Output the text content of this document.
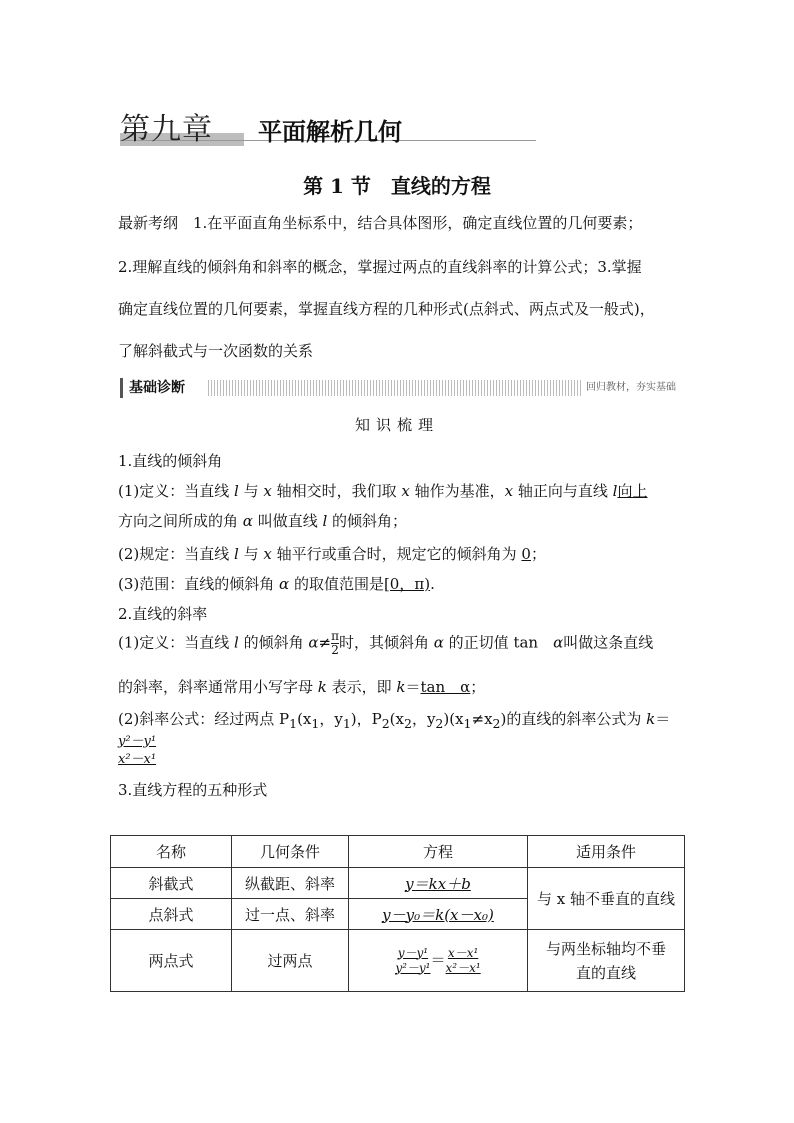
第九章 平面解析几何
第 1 节　直线的方程
最新考纲　1.在平面直角坐标系中，结合具体图形，确定直线位置的几何要素；
2.理解直线的倾斜角和斜率的概念，掌握过两点的直线斜率的计算公式；3.掌握
确定直线位置的几何要素，掌握直线方程的几种形式(点斜式、两点式及一般式)，
了解斜截式与一次函数的关系
基础诊断	回归教材，夯实基础
知识梳理
1.直线的倾斜角
(1)定义：当直线 l 与 x 轴相交时，我们取 x 轴作为基准，x 轴正向与直线 l向上
方向之间所成的角 α 叫做直线 l 的倾斜角；
(2)规定：当直线 l 与 x 轴平行或重合时，规定它的倾斜角为 0；
(3)范围：直线的倾斜角 α 的取值范围是[0，π).
2.直线的斜率
(1)定义：当直线 l 的倾斜角 $\alpha\ne \frac{\pi}{2}$ 时，其倾斜角 α 的正切值 tan　α叫做这条直线
的斜率，斜率通常用小写字母 k 表示，即 k＝tan　α；
(2)斜率公式：经过两点 $P_1(x_1$，$y_1$)，$P_2(x_2$，$y_2)(x_1\ne x_2)$的直线的斜率公式为 k＝
$\frac{\text{y²－y¹}}{\text{x²－x¹}}$
3.直线方程的五种形式
名称	几何条件	方程	适用条件
斜截式	纵截距、斜率	y＝kx＋b	与 x 轴不垂直的直线
点斜式	过一点、斜率	y－y₀＝k(x－x₀)	
两点式	过两点	$\frac{\text{y－y¹}}{\text{y²－y¹}} = \frac{\text{x－x¹}}{\text{x²－x¹}}$	与两坐标轴均不垂直的直线
